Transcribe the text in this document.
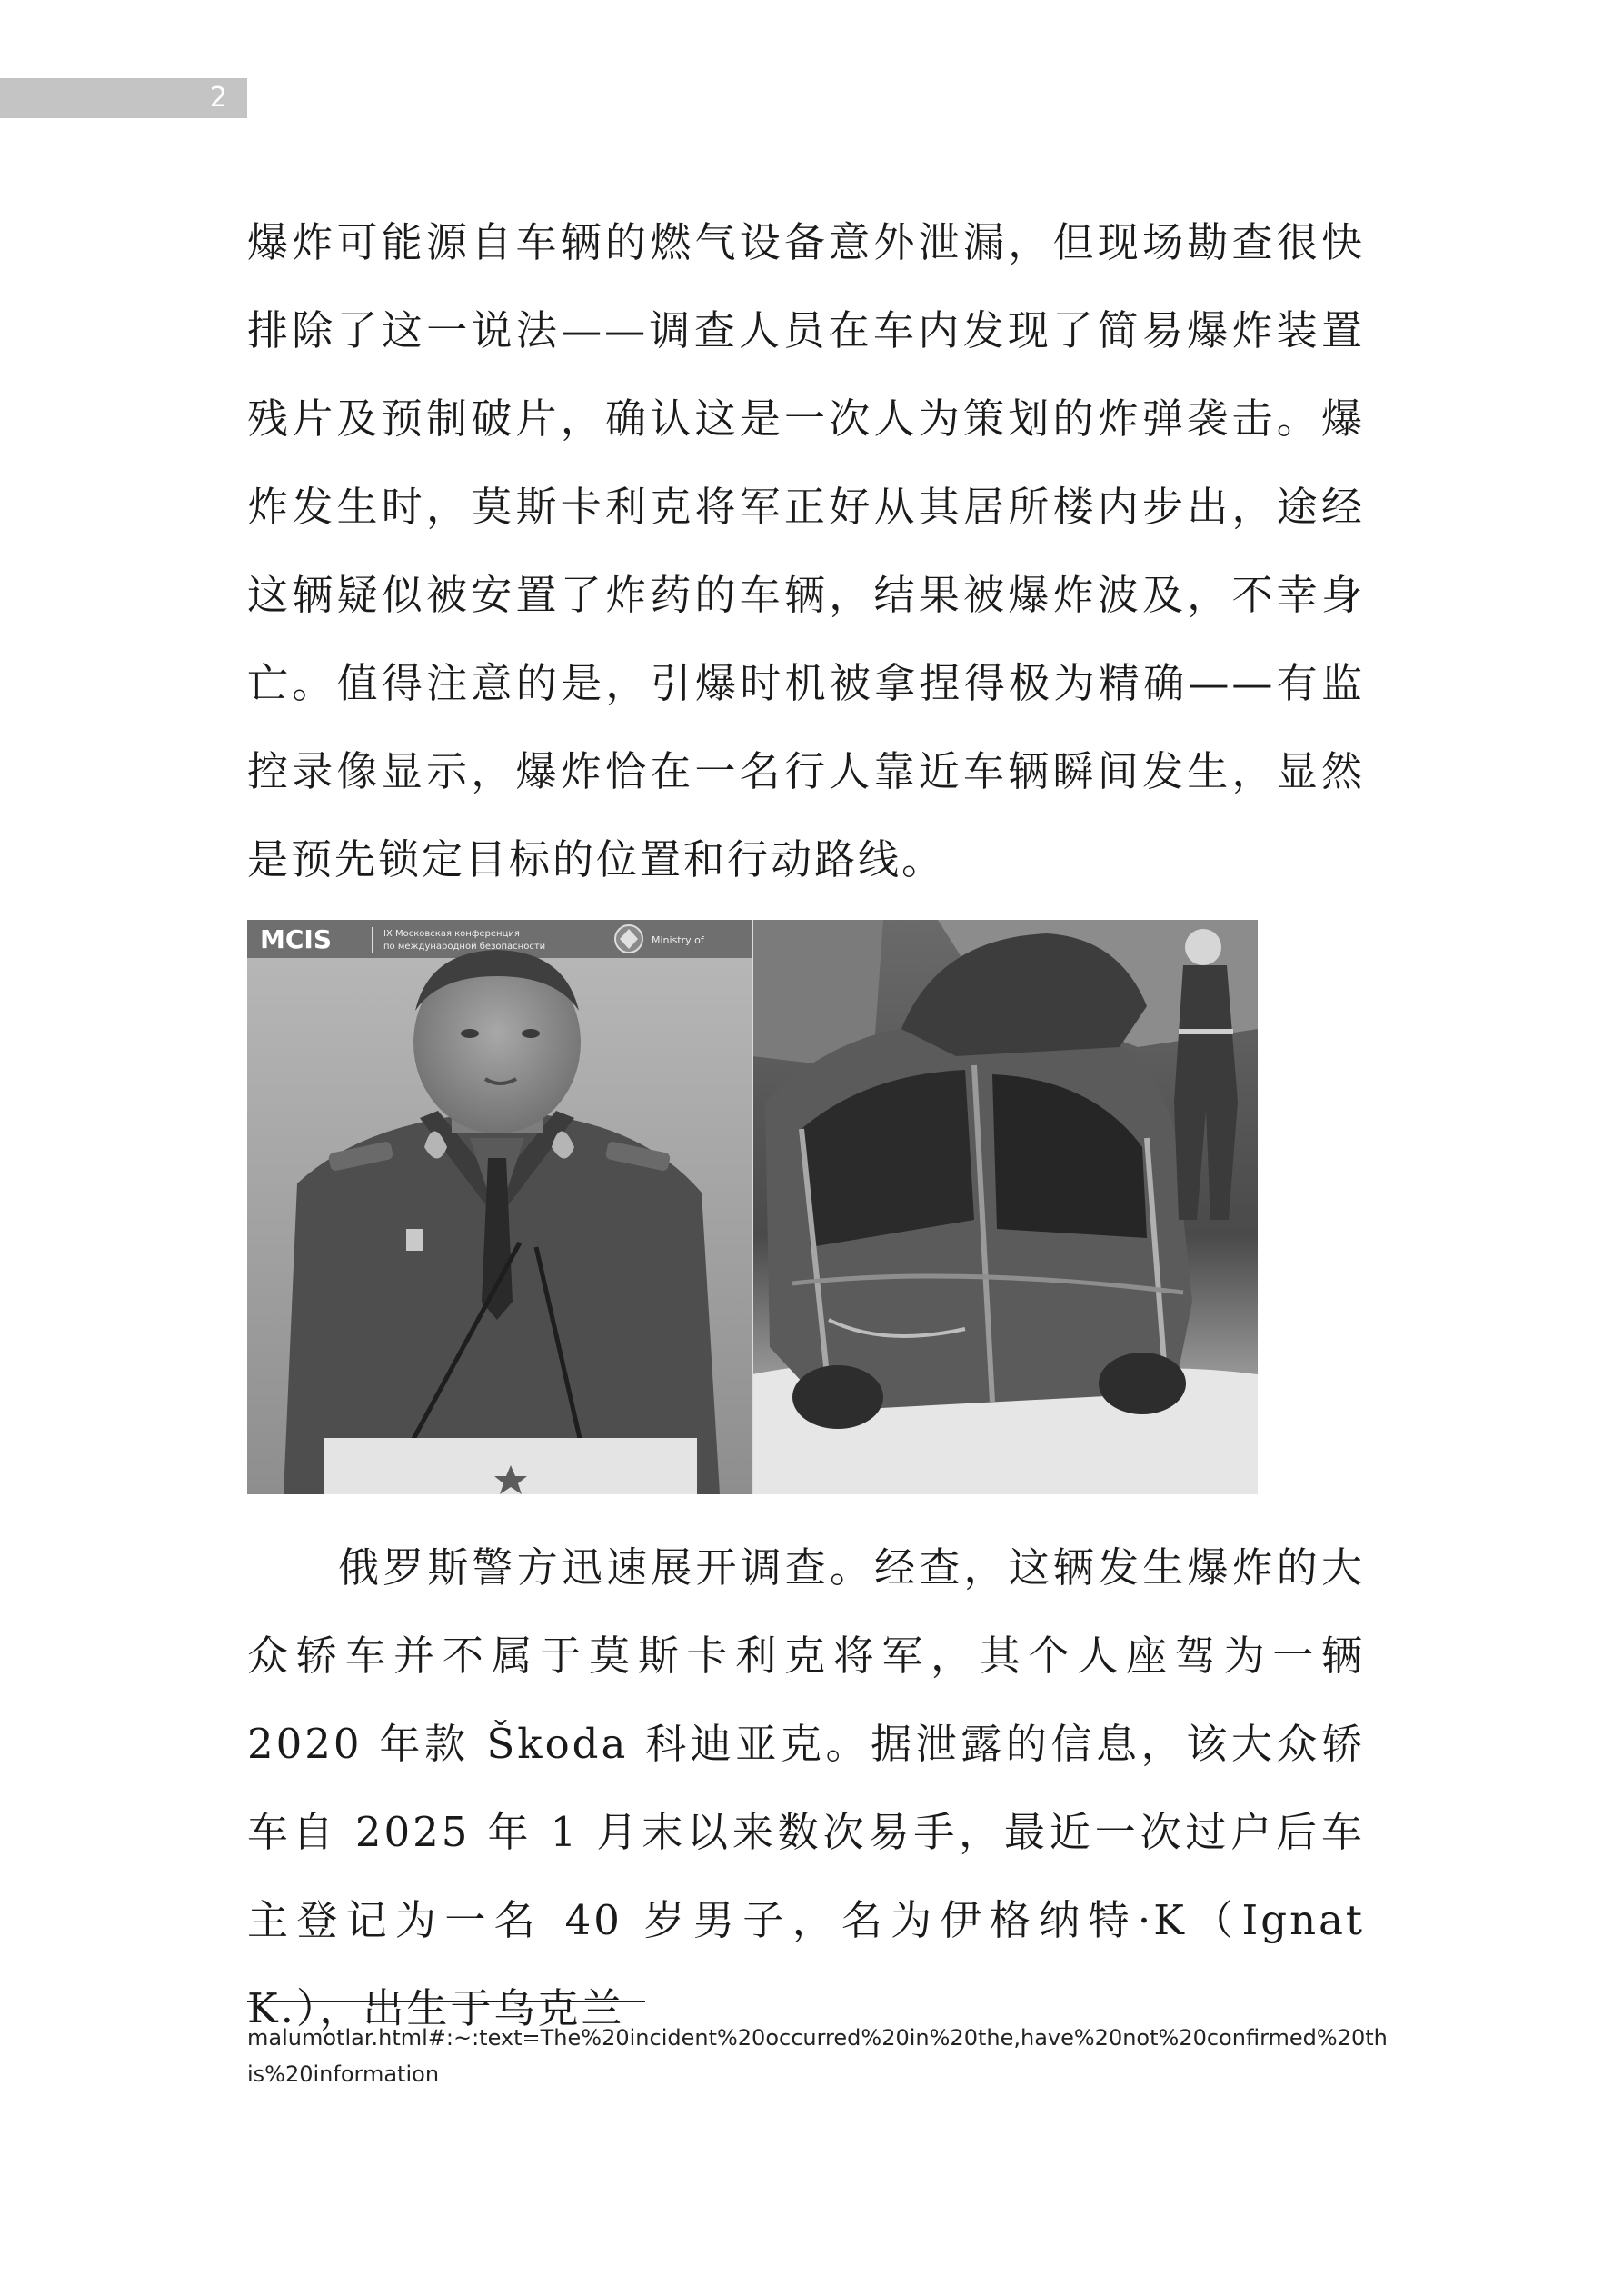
2

爆炸可能源自车辆的燃气设备意外泄漏，但现场勘查很快排除了这一说法——调查人员在车内发现了简易爆炸装置残片及预制破片，确认这是一次人为策划的炸弹袭击。爆炸发生时，莫斯卡利克将军正好从其居所楼内步出，途经这辆疑似被安置了炸药的车辆，结果被爆炸波及，不幸身亡。值得注意的是，引爆时机被拿捏得极为精确——有监控录像显示，爆炸恰在一名行人靠近车辆瞬间发生，显然是预先锁定目标的位置和行动路线。

MCIS	IX Московская конференция
по международной безопасности
Ministry of

俄罗斯警方迅速展开调查。经查，这辆发生爆炸的大众轿车并不属于莫斯卡利克将军，其个人座驾为一辆 2020 年款 Škoda 科迪亚克。据泄露的信息，该大众轿车自 2025 年 1 月末以来数次易手，最近一次过户后车主登记为一名 40 岁男子，名为伊格纳特·K（Ignat K.），出生于乌克兰

malumotlar.html#:~:text=The%20incident%20occurred%20in%20the,have%20not%20confirmed%20this%20information
